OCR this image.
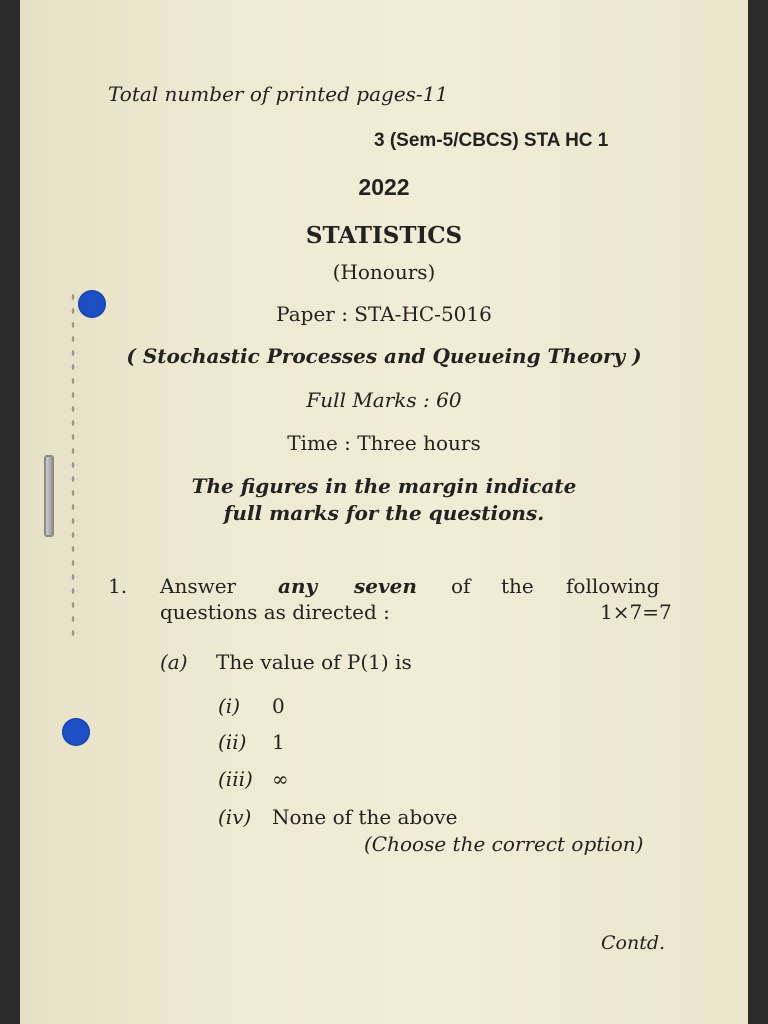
Total number of printed pages-11
3 (Sem-5/CBCS) STA HC 1
2022
STATISTICS
(Honours)
Paper : STA-HC-5016
( Stochastic Processes and Queueing Theory )
Full Marks : 60
Time : Three hours
The figures in the margin indicate
full marks for the questions.
1. Answer any seven of the following
questions as directed :	1×7=7
(a) The value of P(1) is
(i) 0
(ii) 1
(iii) ∞
(iv) None of the above
(Choose the correct option)
Contd.
